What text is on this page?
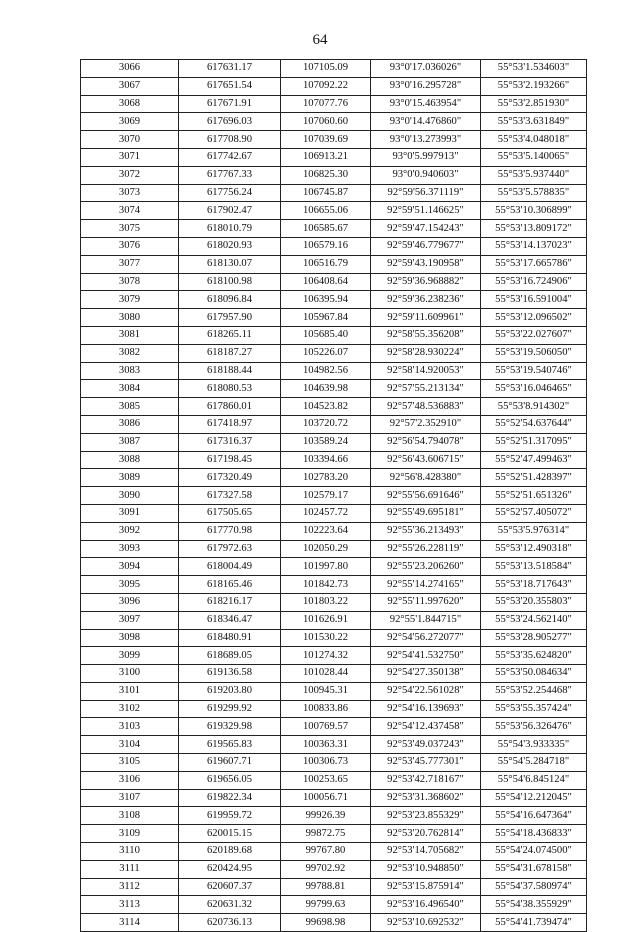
64
3066	617631.17	107105.09	93°0'17.036026"	55°53'1.534603"
3067	617651.54	107092.22	93°0'16.295728"	55°53'2.193266"
3068	617671.91	107077.76	93°0'15.463954"	55°53'2.851930"
3069	617696.03	107060.60	93°0'14.476860"	55°53'3.631849"
3070	617708.90	107039.69	93°0'13.273993"	55°53'4.048018"
3071	617742.67	106913.21	93°0'5.997913"	55°53'5.140065"
3072	617767.33	106825.30	93°0'0.940603"	55°53'5.937440"
3073	617756.24	106745.87	92°59'56.371119"	55°53'5.578835"
3074	617902.47	106655.06	92°59'51.146625"	55°53'10.306899"
3075	618010.79	106585.67	92°59'47.154243"	55°53'13.809172"
3076	618020.93	106579.16	92°59'46.779677"	55°53'14.137023"
3077	618130.07	106516.79	92°59'43.190958"	55°53'17.665786"
3078	618100.98	106408.64	92°59'36.968882"	55°53'16.724906"
3079	618096.84	106395.94	92°59'36.238236"	55°53'16.591004"
3080	617957.90	105967.84	92°59'11.609961"	55°53'12.096502"
3081	618265.11	105685.40	92°58'55.356208"	55°53'22.027607"
3082	618187.27	105226.07	92°58'28.930224"	55°53'19.506050"
3083	618188.44	104982.56	92°58'14.920053"	55°53'19.540746"
3084	618080.53	104639.98	92°57'55.213134"	55°53'16.046465"
3085	617860.01	104523.82	92°57'48.536883"	55°53'8.914302"
3086	617418.97	103720.72	92°57'2.352910"	55°52'54.637644"
3087	617316.37	103589.24	92°56'54.794078"	55°52'51.317095"
3088	617198.45	103394.66	92°56'43.606715"	55°52'47.499463"
3089	617320.49	102783.20	92°56'8.428380"	55°52'51.428397"
3090	617327.58	102579.17	92°55'56.691646"	55°52'51.651326"
3091	617505.65	102457.72	92°55'49.695181"	55°52'57.405072"
3092	617770.98	102223.64	92°55'36.213493"	55°53'5.976314"
3093	617972.63	102050.29	92°55'26.228119"	55°53'12.490318"
3094	618004.49	101997.80	92°55'23.206260"	55°53'13.518584"
3095	618165.46	101842.73	92°55'14.274165"	55°53'18.717643"
3096	618216.17	101803.22	92°55'11.997620"	55°53'20.355803"
3097	618346.47	101626.91	92°55'1.844715"	55°53'24.562140"
3098	618480.91	101530.22	92°54'56.272077"	55°53'28.905277"
3099	618689.05	101274.32	92°54'41.532750"	55°53'35.624820"
3100	619136.58	101028.44	92°54'27.350138"	55°53'50.084634"
3101	619203.80	100945.31	92°54'22.561028"	55°53'52.254468"
3102	619299.92	100833.86	92°54'16.139693"	55°53'55.357424"
3103	619329.98	100769.57	92°54'12.437458"	55°53'56.326476"
3104	619565.83	100363.31	92°53'49.037243"	55°54'3.933335"
3105	619607.71	100306.73	92°53'45.777301"	55°54'5.284718"
3106	619656.05	100253.65	92°53'42.718167"	55°54'6.845124"
3107	619822.34	100056.71	92°53'31.368602"	55°54'12.212045"
3108	619959.72	99926.39	92°53'23.855329"	55°54'16.647364"
3109	620015.15	99872.75	92°53'20.762814"	55°54'18.436833"
3110	620189.68	99767.80	92°53'14.705682"	55°54'24.074500"
3111	620424.95	99702.92	92°53'10.948850"	55°54'31.678158"
3112	620607.37	99788.81	92°53'15.875914"	55°54'37.580974"
3113	620631.32	99799.63	92°53'16.496540"	55°54'38.355929"
3114	620736.13	99698.98	92°53'10.692532"	55°54'41.739474"
